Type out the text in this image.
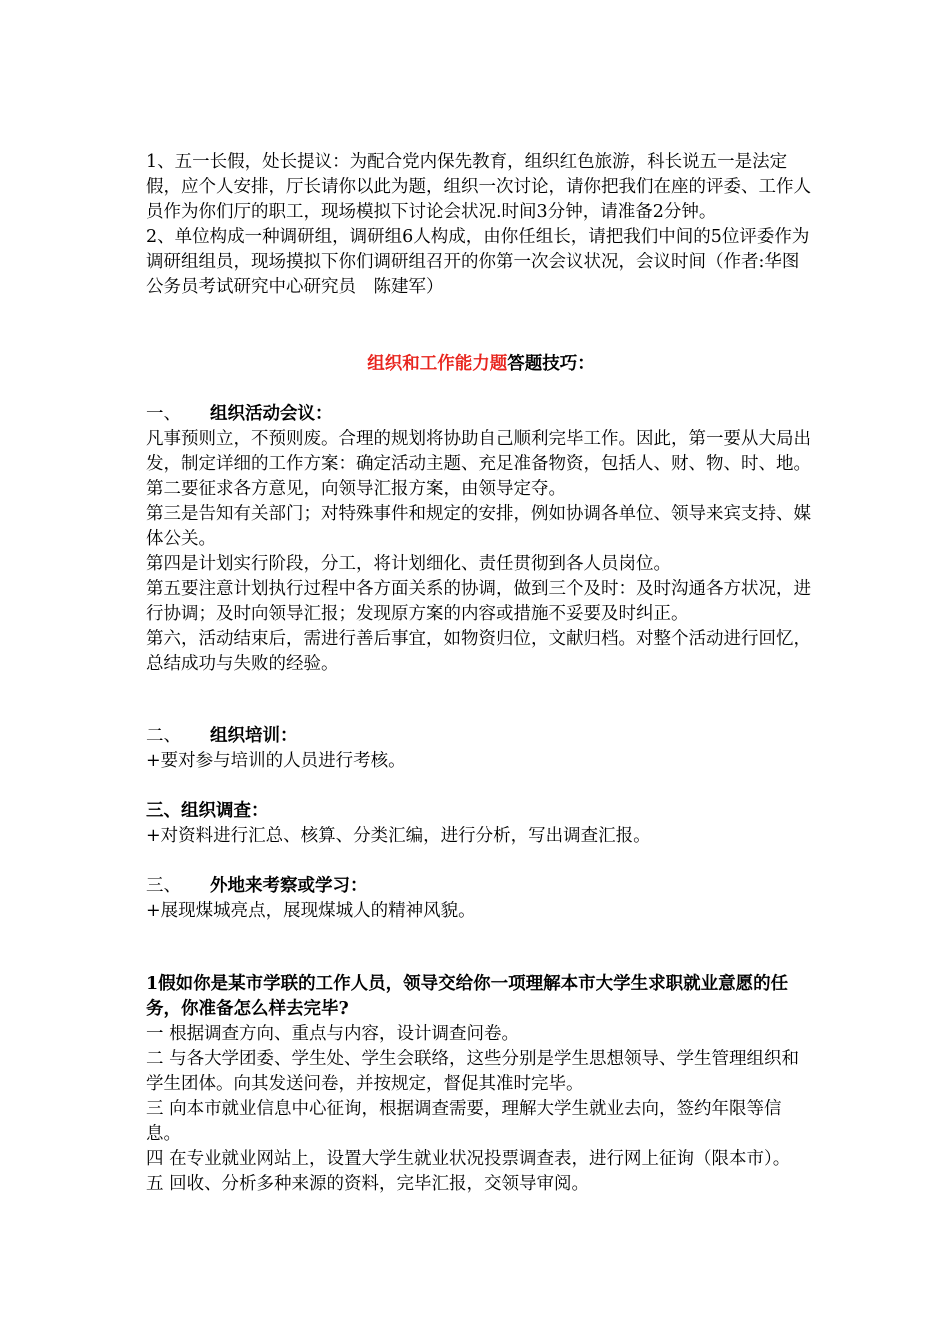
1、五一长假，处长提议：为配合党内保先教育，组织红色旅游，科长说五一是法定假，应个人安排，厅长请你以此为题，组织一次讨论，请你把我们在座的评委、工作人员作为你们厅的职工，现场模拟下讨论会状况.时间3分钟，请准备2分钟。

2、单位构成一种调研组，调研组6人构成，由你任组长，请把我们中间的5位评委作为调研组组员，现场摸拟下你们调研组召开的你第一次会议状况，会议时间（作者:华图公务员考试研究中心研究员　陈建军）

组织和工作能力题答题技巧：
一、 组织活动会议：

凡事预则立，不预则废。合理的规划将协助自己顺利完毕工作。因此，第一要从大局出发，制定详细的工作方案：确定活动主题、充足准备物资，包括人、财、物、时、地。

第二要征求各方意见，向领导汇报方案，由领导定夺。

第三是告知有关部门；对特殊事件和规定的安排，例如协调各单位、领导来宾支持、媒体公关。

第四是计划实行阶段，分工，将计划细化、责任贯彻到各人员岗位。

第五要注意计划执行过程中各方面关系的协调，做到三个及时：及时沟通各方状况，进行协调；及时向领导汇报；发现原方案的内容或措施不妥要及时纠正。

第六，活动结束后，需进行善后事宜，如物资归位，文献归档。对整个活动进行回忆，总结成功与失败的经验。

二、 组织培训：

+要对参与培训的人员进行考核。

三、组织调查：

+对资料进行汇总、核算、分类汇编，进行分析，写出调查汇报。

三、 外地来考察或学习：

+展现煤城亮点，展现煤城人的精神风貌。

1假如你是某市学联的工作人员，领导交给你一项理解本市大学生求职就业意愿的任务，你准备怎么样去完毕?

一 根据调查方向、重点与内容，设计调查问卷。

二 与各大学团委、学生处、学生会联络，这些分别是学生思想领导、学生管理组织和学生团体。向其发送问卷，并按规定，督促其准时完毕。

三 向本市就业信息中心征询，根据调查需要，理解大学生就业去向，签约年限等信息。

四 在专业就业网站上，设置大学生就业状况投票调查表，进行网上征询（限本市）。

五 回收、分析多种来源的资料，完毕汇报，交领导审阅。
